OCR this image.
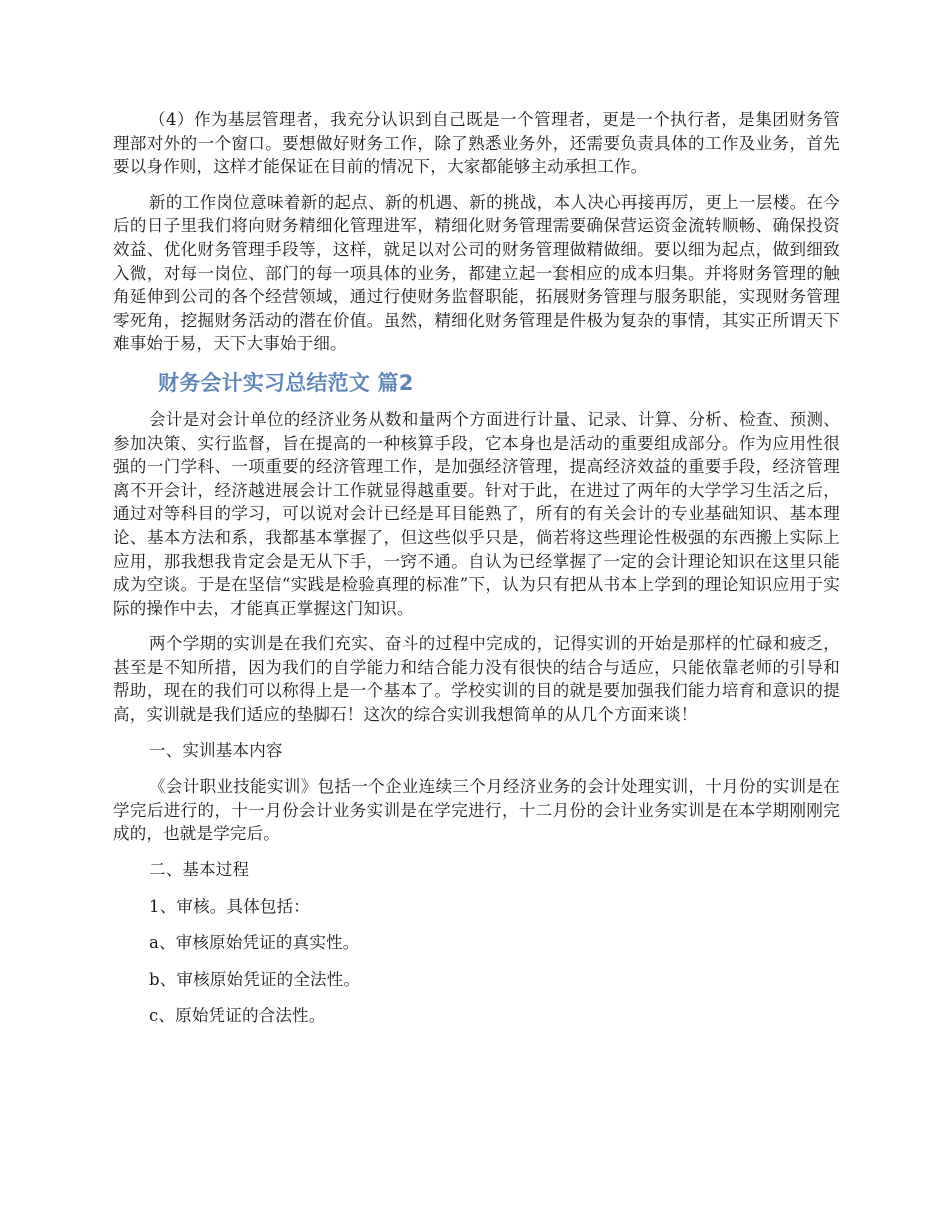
（4）作为基层管理者，我充分认识到自己既是一个管理者，更是一个执行者，是集团财务管理部对外的一个窗口。要想做好财务工作，除了熟悉业务外，还需要负责具体的工作及业务，首先要以身作则，这样才能保证在目前的情况下，大家都能够主动承担工作。

新的工作岗位意味着新的起点、新的机遇、新的挑战，本人决心再接再厉，更上一层楼。在今后的日子里我们将向财务精细化管理进军，精细化财务管理需要确保营运资金流转顺畅、确保投资效益、优化财务管理手段等，这样，就足以对公司的财务管理做精做细。要以细为起点，做到细致入微，对每一岗位、部门的每一项具体的业务，都建立起一套相应的成本归集。并将财务管理的触角延伸到公司的各个经营领域，通过行使财务监督职能，拓展财务管理与服务职能，实现财务管理零死角，挖掘财务活动的潜在价值。虽然，精细化财务管理是件极为复杂的事情，其实正所谓天下难事始于易，天下大事始于细。

财务会计实习总结范文 篇2

会计是对会计单位的经济业务从数和量两个方面进行计量、记录、计算、分析、检查、预测、参加决策、实行监督，旨在提高的一种核算手段，它本身也是活动的重要组成部分。作为应用性很强的一门学科、一项重要的经济管理工作，是加强经济管理，提高经济效益的重要手段，经济管理离不开会计，经济越进展会计工作就显得越重要。针对于此，在进过了两年的大学学习生活之后，通过对等科目的学习，可以说对会计已经是耳目能熟了，所有的有关会计的专业基础知识、基本理论、基本方法和系，我都基本掌握了，但这些似乎只是，倘若将这些理论性极强的东西搬上实际上应用，那我想我肯定会是无从下手，一窍不通。自认为已经掌握了一定的会计理论知识在这里只能成为空谈。于是在坚信“实践是检验真理的标准”下，认为只有把从书本上学到的理论知识应用于实际的操作中去，才能真正掌握这门知识。

两个学期的实训是在我们充实、奋斗的过程中完成的，记得实训的开始是那样的忙碌和疲乏，甚至是不知所措，因为我们的自学能力和结合能力没有很快的结合与适应，只能依靠老师的引导和帮助，现在的我们可以称得上是一个基本了。学校实训的目的就是要加强我们能力培育和意识的提高，实训就是我们适应的垫脚石！这次的综合实训我想简单的从几个方面来谈！

一、实训基本内容

《会计职业技能实训》包括一个企业连续三个月经济业务的会计处理实训，十月份的实训是在学完后进行的，十一月份会计业务实训是在学完进行，十二月份的会计业务实训是在本学期刚刚完成的，也就是学完后。

二、基本过程

1、审核。具体包括：

a、审核原始凭证的真实性。

b、审核原始凭证的全法性。

c、原始凭证的合法性。
